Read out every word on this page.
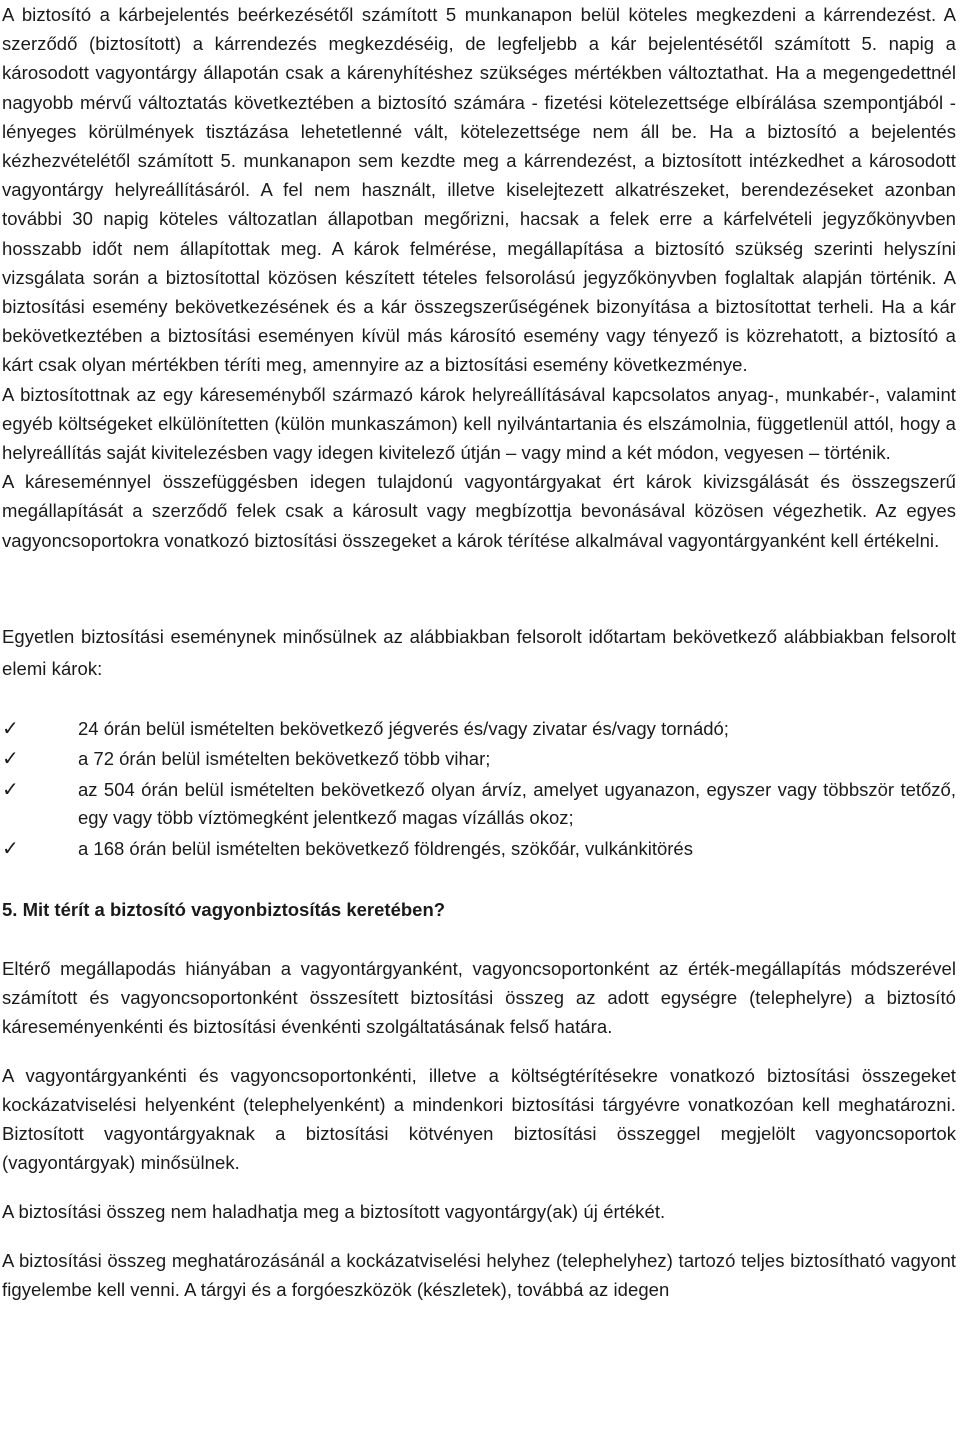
A biztosító a kárbejelentés beérkezésétől számított 5 munkanapon belül köteles megkezdeni a kárrendezést. A szerződő (biztosított) a kárrendezés megkezdéséig, de legfeljebb a kár bejelentésétől számított 5. napig a károsodott vagyontárgy állapotán csak a kárenyhítéshez szükséges mértékben változtathat. Ha a megengedettnél nagyobb mérvű változtatás következtében a biztosító számára - fizetési kötelezettsége elbírálása szempontjából - lényeges körülmények tisztázása lehetetlenné vált, kötelezettsége nem áll be. Ha a biztosító a bejelentés kézhezvételétől számított 5. munkanapon sem kezdte meg a kárrendezést, a biztosított intézkedhet a károsodott vagyontárgy helyreállításáról. A fel nem használt, illetve kiselejtezett alkatrészeket, berendezéseket azonban további 30 napig köteles változatlan állapotban megőrizni, hacsak a felek erre a kárfelvételi jegyzőkönyvben hosszabb időt nem állapítottak meg. A károk felmérése, megállapítása a biztosító szükség szerinti helyszíni vizsgálata során a biztosítottal közösen készített tételes felsorolású jegyzőkönyvben foglaltak alapján történik. A biztosítási esemény bekövetkezésének és a kár összegszerűségének bizonyítása a biztosítottat terheli. Ha a kár bekövetkeztében a biztosítási eseményen kívül más károsító esemény vagy tényező is közrehatott, a biztosító a kárt csak olyan mértékben téríti meg, amennyire az a biztosítási esemény következménye.

A biztosítottnak az egy káreseményből származó károk helyreállításával kapcsolatos anyag-, munkabér-, valamint egyéb költségeket elkülönítetten (külön munkaszámon) kell nyilvántartania és elszámolnia, függetlenül attól, hogy a helyreállítás saját kivitelezésben vagy idegen kivitelező útján – vagy mind a két módon, vegyesen – történik.

A káreseménnyel összefüggésben idegen tulajdonú vagyontárgyakat ért károk kivizsgálását és összegszerű megállapítását a szerződő felek csak a károsult vagy megbízottja bevonásával közösen végezhetik. Az egyes vagyoncsoportokra vonatkozó biztosítási összegeket a károk térítése alkalmával vagyontárgyanként kell értékelni.

Egyetlen biztosítási eseménynek minősülnek az alábbiakban felsorolt időtartam bekövetkező alábbiakban felsorolt elemi károk:

✓	24 órán belül ismételten bekövetkező jégverés és/vagy zivatar és/vagy tornádó;
✓	a 72 órán belül ismételten bekövetkező több vihar;
✓	az 504 órán belül ismételten bekövetkező olyan árvíz, amelyet ugyanazon, egyszer vagy többször tetőző, egy vagy több víztömegként jelentkező magas vízállás okoz;
✓	a 168 órán belül ismételten bekövetkező földrengés, szökőár, vulkánkitörés
5. Mit térít a biztosító vagyonbiztosítás keretében?

Eltérő megállapodás hiányában a vagyontárgyanként, vagyoncsoportonként az érték-megállapítás módszerével számított és vagyoncsoportonként összesített biztosítási összeg az adott egységre (telephelyre) a biztosító káreseményenkénti és biztosítási évenkénti szolgáltatásának felső határa.

A vagyontárgyankénti és vagyoncsoportonkénti, illetve a költségtérítésekre vonatkozó biztosítási összegeket kockázatviselési helyenként (telephelyenként) a mindenkori biztosítási tárgyévre vonatkozóan kell meghatározni. Biztosított vagyontárgyaknak a biztosítási kötvényen biztosítási összeggel megjelölt vagyoncsoportok (vagyontárgyak) minősülnek.

A biztosítási összeg nem haladhatja meg a biztosított vagyontárgy(ak) új értékét.

A biztosítási összeg meghatározásánál a kockázatviselési helyhez (telephelyhez) tartozó teljes biztosítható vagyont figyelembe kell venni. A tárgyi és a forgóeszközök (készletek), továbbá az idegen
